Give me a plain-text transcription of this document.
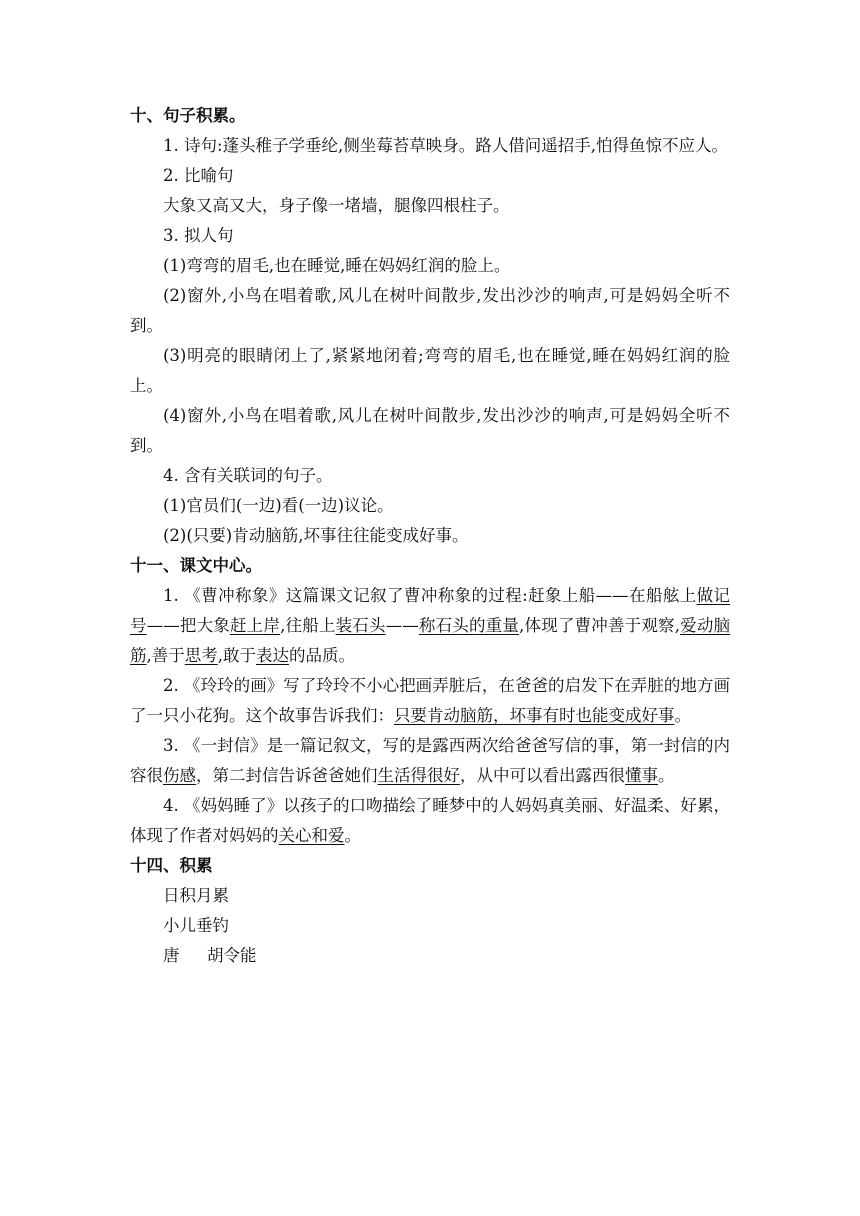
十、句子积累。

1. 诗句:蓬头稚子学垂纶,侧坐莓苔草映身。路人借问遥招手,怕得鱼惊不应人。

2. 比喻句

大象又高又大，身子像一堵墙，腿像四根柱子。

3. 拟人句

(1)弯弯的眉毛,也在睡觉,睡在妈妈红润的脸上。

(2)窗外,小鸟在唱着歌,风儿在树叶间散步,发出沙沙的响声,可是妈妈全听不到。

(3)明亮的眼睛闭上了,紧紧地闭着;弯弯的眉毛,也在睡觉,睡在妈妈红润的脸上。

(4)窗外,小鸟在唱着歌,风儿在树叶间散步,发出沙沙的响声,可是妈妈全听不到。

4. 含有关联词的句子。

(1)官员们(一边)看(一边)议论。

(2)(只要)肯动脑筋,坏事往往能变成好事。

十一、课文中心。

1. 《曹冲称象》这篇课文记叙了曹冲称象的过程:赶象上船——在船舷上做记号——把大象赶上岸,往船上装石头——称石头的重量,体现了曹冲善于观察,爱动脑筋,善于思考,敢于表达的品质。

2. 《玲玲的画》写了玲玲不小心把画弄脏后，在爸爸的启发下在弄脏的地方画了一只小花狗。这个故事告诉我们：只要肯动脑筋，坏事有时也能变成好事。

3. 《一封信》是一篇记叙文，写的是露西两次给爸爸写信的事，第一封信的内容很伤感，第二封信告诉爸爸她们生活得很好，从中可以看出露西很懂事。

4. 《妈妈睡了》以孩子的口吻描绘了睡梦中的人妈妈真美丽、好温柔、好累，体现了作者对妈妈的关心和爱。

十四、积累

日积月累

小儿垂钓

唐 胡令能
